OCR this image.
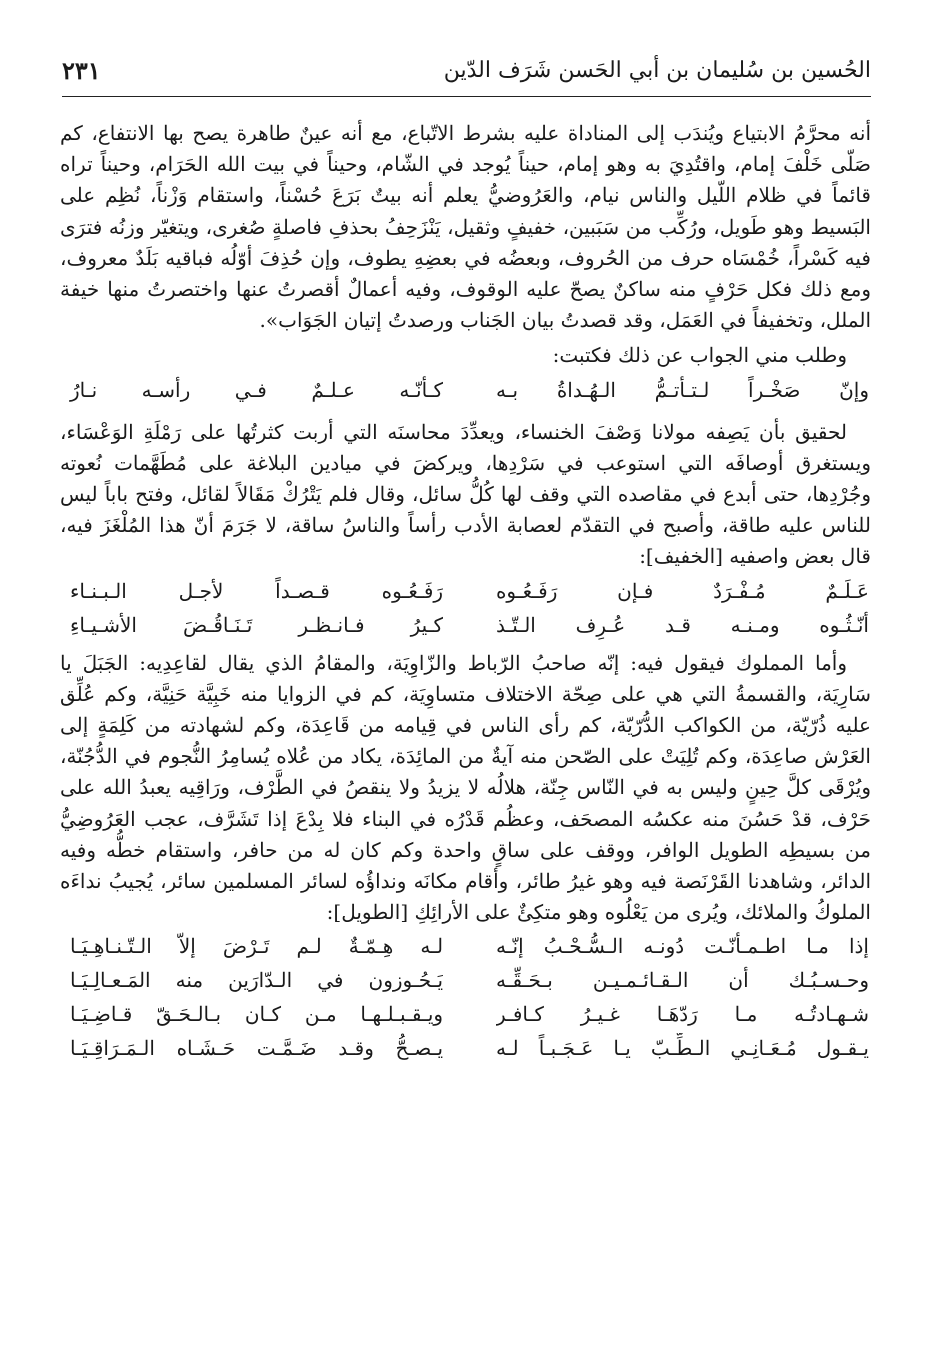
الحُسين بن سُليمان بن أبي الحَسن شَرَف الدّين
٢٣١

أنه محرَّمُ الابتياع ويُندَب إلى المناداة عليه بشرط الاتّباع، مع أنه عينٌ طاهرة يصح بها الانتفاع، كم صَلّى خَلْفَ إمام، واقتُدِيَ به وهو إمام، حيناً يُوجد في الشّام، وحيناً في بيت الله الحَرَام، وحيناً تراه قائماً في ظلام اللّيل والناس نيام، والعَرُوضيُّ يعلم أنه بيتٌ بَرَعَ حُسْناً، واستقام وَزْناً، نُظِم على البَسيط وهو طَويل، ورُكِّب من سَبَبين، خفيفٍ وثقيل، يَنْزَحِفُ بحذفِ فاصلةٍ صُغرى، ويتغيّر وزنُه فترَى فيه كَسْراً، خُمْسَاه حرف من الحُروف، وبعضُه في بعضِهِ يطوف، وإن حُذِفَ أوّلُه فباقيه بَلَدٌ معروف، ومع ذلك فكل حَرْفٍ منه ساكنٌ يصحّ عليه الوقوف، وفيه أعمالٌ أقصرتُ عنها واختصرتُ منها خيفة الملل، وتخفيفاً في العَمَل، وقد قصدتُ بيان الجَناب ورصدتُ إتيان الجَوَاب».

وطلب مني الجواب عن ذلك فكتبت:

وإنّ صَخْـراً لـتـأتـمُّ الـهُـداةُ بـه
كـأنّـه عـلـمٌ فـي رأسـه نـارُ

لحقيق بأن يَصِفه مولانا وَصْفَ الخنساء، ويعدِّدَ محاسنَه التي أربت كثرتُها على رَمْلَةِ الوَعْسَاء، ويستغرق أوصافَه التي استوعب في سَرْدِها، ويركضَ في ميادين البلاغة على مُطَهَّمات نُعوته وجُرْدِها، حتى أبدع في مقاصده التي وقف لها كُلُّ سائل، وقال فلم يَتْرُكْ مَقَالاً لقائل، وفتح باباً ليس للناس عليه طاقة، وأصبح في التقدّم لعصابة الأدب رأساً والناسُ ساقة، لا جَرَمَ أنّ هذا المُلْغَزَ فيه، قال بعض واصفيه [الخفيف]:

عَـلَـمٌ مُـفْـرَدٌ فـإن رَفَـعُـوه
رَفَـعُـوه قـصـداً لأجـل الـبـنـاء
أنّـثُـوه ومـنـه قـد عُـرِف الـتّـذ
كـيرُ فـانـظـر تَـنَـاقُـضَ الأشـيـاءِ

وأما المملوك فيقول فيه: إنّه صاحبُ الرّباط والزّاوِيَة، والمقامُ الذي يقال لقاعِدِيه: الجَبَلَ يا سَارِيَة، والقسمةُ التي هي على صِحّة الاختلاف متساوِيَة، كم في الزوايا منه خَبِيَّة حَنِيَّة، وكم عُلِّق عليه ذُرّيّة، من الكواكب الدُّرّيّة، كم رأى الناس في قِيامه من قَاعِدَة، وكم لشهادته من كَلِمَةٍ إلى العَرْش صاعِدَة، وكم تُلِيَتْ على الصّحن منه آيةٌ من المائِدَة، يكاد من عُلاه يُسامِرُ النُّجوم في الدُّجُنّة، ويُرْقَى كلَّ حِينٍ وليس به في النّاس جِنّة، هلالُه لا يزيدُ ولا ينقصُ في الطَّرْف، ورَاقِيه يعبدُ الله على حَرْف، قدْ حَسُنَ منه عكسُه المصحَف، وعظُم قَدْرُه في البناء فلا بِدْعَ إذا تَشَرَّف، عجب العَرُوضِيُّ من بسيطِه الطويل الوافر، ووقف على ساقٍ واحدة وكم كان له من حافر، واستقام خطُّه وفيه الدائر، وشاهدنا القَرْنَصة فيه وهو غيرُ طائر، وأقام مكانَه ونداؤُه لسائر المسلمين سائر، يُجيبُ نداءَه الملوكُ والملائك، ويُرى من يَعْلُوه وهو متكِئٌ على الأرائِكِ [الطويل]:

إذا مـا اطـمـأنّـت دُونـه الـسُّـحْـبُ إنّـه
لـه هِـمّـةٌ لـم تَـرْضَ إلاّ الـتّـنـاهِـيَـا
وحـسـبُـك أن الـقـائـمـيـن بـحَـقِّـه
يَـحُـوزون في الـدّارَين منه المَـعـالِـيَـا
شـهـادتُـه مـا رَدّهَـا غـيـرُ كـافـر
ويـقـبـلـهـا مـن كـان بـالـحَـقّ قـاضِـيَـا
يـقـول مُـعَـانِـي الـطِّـبّ يـا عَـجَـبـاً لـه
يـصـحُّ وقـد ضَـمَّـت حَـشَـاه الـمَـرَاقِـيَـا
